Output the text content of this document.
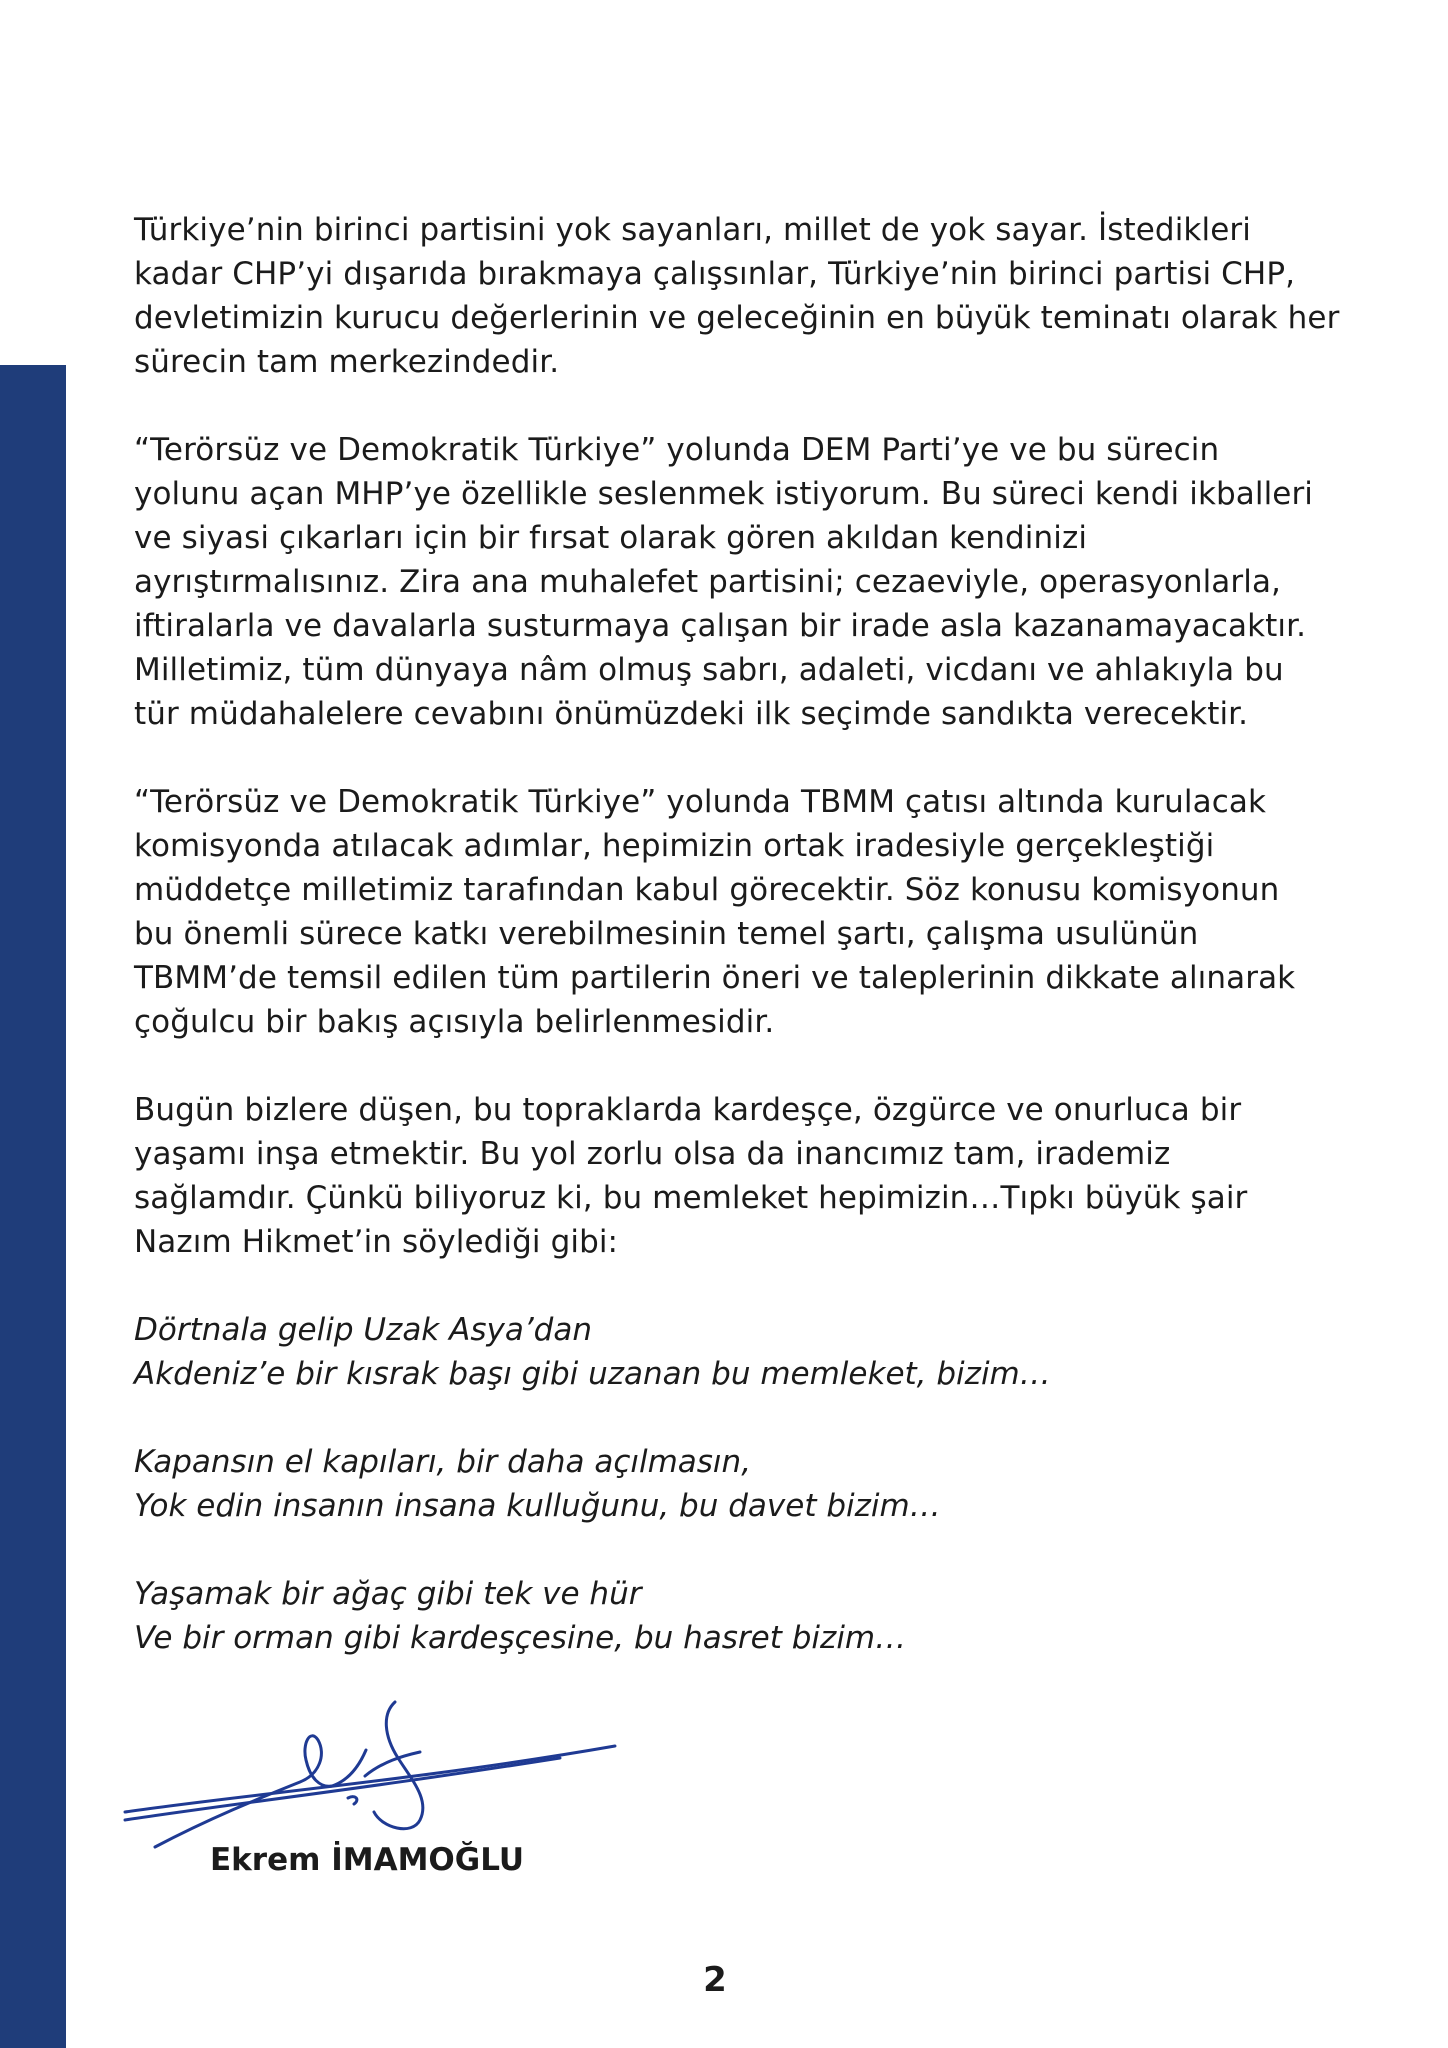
Türkiye’nin birinci partisini yok sayanları, millet de yok sayar. İstedikleri
kadar CHP’yi dışarıda bırakmaya çalışsınlar, Türkiye’nin birinci partisi CHP,
devletimizin kurucu değerlerinin ve geleceğinin en büyük teminatı olarak her
sürecin tam merkezindedir.

“Terörsüz ve Demokratik Türkiye” yolunda DEM Parti’ye ve bu sürecin
yolunu açan MHP’ye özellikle seslenmek istiyorum. Bu süreci kendi ikballeri
ve siyasi çıkarları için bir fırsat olarak gören akıldan kendinizi
ayrıştırmalısınız. Zira ana muhalefet partisini; cezaeviyle, operasyonlarla,
iftiralarla ve davalarla susturmaya çalışan bir irade asla kazanamayacaktır.
Milletimiz, tüm dünyaya nâm olmuş sabrı, adaleti, vicdanı ve ahlakıyla bu
tür müdahalelere cevabını önümüzdeki ilk seçimde sandıkta verecektir.

“Terörsüz ve Demokratik Türkiye” yolunda TBMM çatısı altında kurulacak
komisyonda atılacak adımlar, hepimizin ortak iradesiyle gerçekleştiği
müddetçe milletimiz tarafından kabul görecektir. Söz konusu komisyonun
bu önemli sürece katkı verebilmesinin temel şartı, çalışma usulünün
TBMM’de temsil edilen tüm partilerin öneri ve taleplerinin dikkate alınarak
çoğulcu bir bakış açısıyla belirlenmesidir.

Bugün bizlere düşen, bu topraklarda kardeşçe, özgürce ve onurluca bir
yaşamı inşa etmektir. Bu yol zorlu olsa da inancımız tam, irademiz
sağlamdır. Çünkü biliyoruz ki, bu memleket hepimizin…Tıpkı büyük şair
Nazım Hikmet’in söylediği gibi:

Dörtnala gelip Uzak Asya’dan
Akdeniz’e bir kısrak başı gibi uzanan bu memleket, bizim…

Kapansın el kapıları, bir daha açılmasın,
Yok edin insanın insana kulluğunu, bu davet bizim…

Yaşamak bir ağaç gibi tek ve hür
Ve bir orman gibi kardeşçesine, bu hasret bizim…

Ekrem İMAMOĞLU
2
